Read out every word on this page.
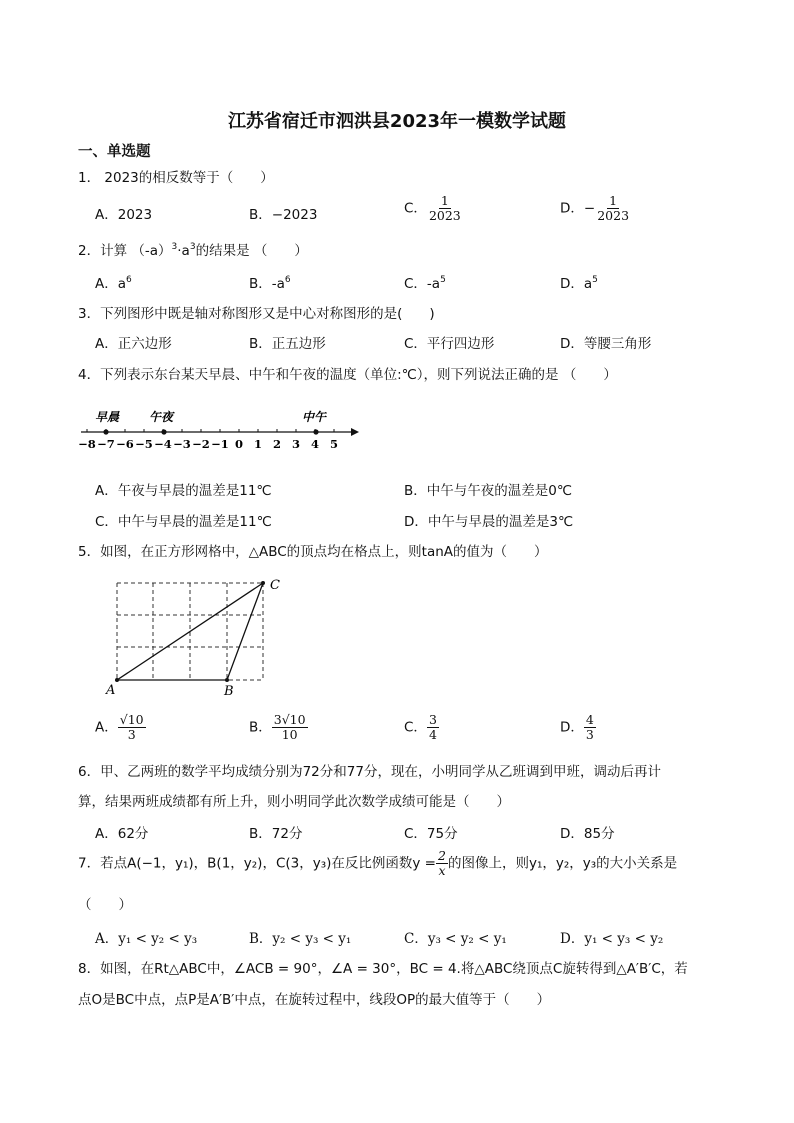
江苏省宿迁市泗洪县2023年一模数学试题
一、单选题
1． 2023的相反数等于（　　）
A．2023	B．−2023	C． $\frac{1}{2023}$	D．− $\frac{1}{2023}$
2．计算 $(-a)^3\cdot a^3$的结果是 （　　）
A．$a^6$	B．$-a^6$	C．$-a^5$	D．$a^5$
3．下列图形中既是轴对称图形又是中心对称图形的是(　　)
A．正六边形	B．正五边形	C．平行四边形	D．等腰三角形
4．下列表示东台某天早晨、中午和午夜的温度（单位:℃），则下列说法正确的是 （　　）
早晨 午夜	中午
−8 −7 −6 −5 −4 −3 −2 −1 0 1 2 3 4 5
A．午夜与早晨的温差是11℃	B．中午与午夜的温差是0℃
C．中午与早晨的温差是11℃	D．中午与早晨的温差是3℃
5．如图，在正方形网格中，△ABC的顶点均在格点上，则tanA的值为（　　）
A	B
C
A． $\frac{√10}{3}$	B． $\frac{3√10}{10}$	C． $\frac{3}{4}$	D． $\frac{4}{3}$
6．甲、乙两班的数学平均成绩分别为72分和77分，现在，小明同学从乙班调到甲班，调动后再计
算，结果两班成绩都有所上升，则小明同学此次数学成绩可能是（　　）
A．62分	B．72分	C．75分	D．85分
7．若点A(−1，y₁)，B(1，y₂)，C(3，y₃)在反比例函数$y = \frac{2}{x}$ 的图像上，则y₁，y₂，y₃的大小关系是
（　　）
A．y₁ < y₂ < y₃	B．y₂ < y₃ < y₁	C．y₃ < y₂ < y₁	D．y₁ < y₃ < y₂
8．如图，在Rt△ABC中，∠ACB = 90°，∠A = 30°，BC = 4.将△ABC绕顶点C旋转得到△A′B′C，若
点O是BC中点，点P是A′B′中点，在旋转过程中，线段OP的最大值等于（　　）
